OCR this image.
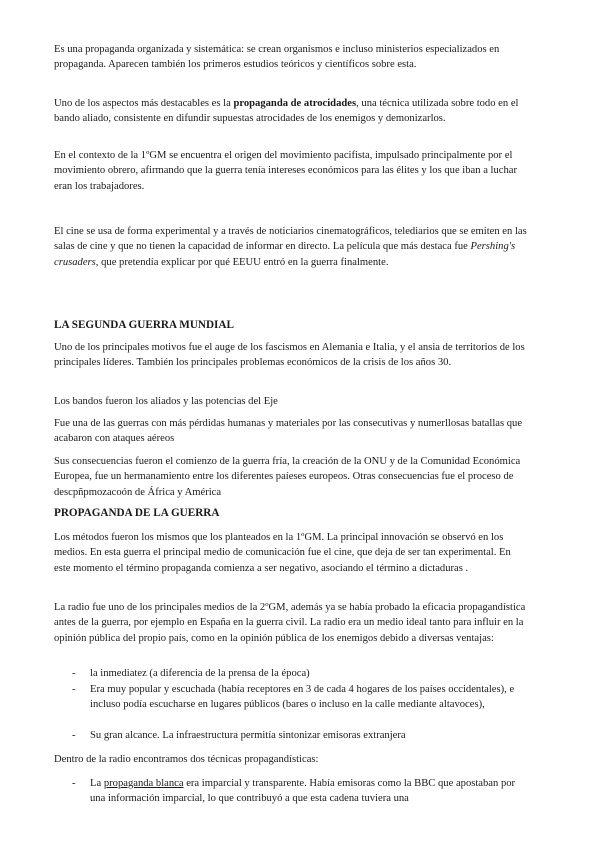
Es una propaganda organizada y sistemática: se crean organismos e incluso ministerios especializados en propaganda. Aparecen también los primeros estudios teóricos y científicos sobre esta.

Uno de los aspectos más destacables es la propaganda de atrocidades, una técnica utilizada sobre todo en el bando aliado, consistente en difundir supuestas atrocidades de los enemigos y demonizarlos.

En el contexto de la 1ºGM se encuentra el origen del movimiento pacifista, impulsado principalmente por el movimiento obrero, afirmando que la guerra tenía intereses económicos para las élites y los que iban a luchar eran los trabajadores.

El cine se usa de forma experimental y a través de noticiarios cinematográficos, telediarios que se emiten en las salas de cine y que no tienen la capacidad de informar en directo. La película que más destaca fue Pershing's crusaders, que pretendía explicar por qué EEUU entró en la guerra finalmente.

LA SEGUNDA GUERRA MUNDIAL

Uno de los principales motivos fue el auge de los fascismos en Alemania e Italia, y el ansia de territorios de los principales líderes. También los principales problemas económicos de la crisis de los años 30.

Los bandos fueron los aliados y las potencias del Eje

Fue una de las guerras con más pérdidas humanas y materiales por las consecutivas y numerllosas batallas que acabaron con ataques aéreos

Sus consecuencias fueron el comienzo de la guerra fría, la creación de la ONU y de la Comunidad Económica Europea, fue un hermanamiento entre los diferentes paíeses europeos. Otras consecuencias fue el proceso de descpñpmozacoón de África y América

PROPAGANDA DE LA GUERRA

Los métodos fueron los mismos que los planteados en la 1ºGM. La principal innovación se observó en los medios. En esta guerra el principal medio de comunicación fue el cine, que deja de ser tan experimental. En este momento el término propaganda comienza a ser negativo, asociando el término a dictaduras .

La radio fue uno de los principales medios de la 2ºGM, además ya se había probado la eficacia propagandística antes de la guerra, por ejemplo en España en la guerra civil. La radio era un medio ideal tanto para influir en la opinión pública del propio país, como en la opinión pública de los enemigos debido a diversas ventajas:

-	la inmediatez (a diferencia de la prensa de la época)
-	Era muy popular y escuchada (había receptores en 3 de cada 4 hogares de los países occidentales), e incluso podía escucharse en lugares públicos (bares o incluso en la calle mediante altavoces),
-	Su gran alcance. La infraestructura permitía sintonizar emisoras extranjera

Dentro de la radio encontramos dos técnicas propagandísticas:

-	La propaganda blanca era imparcial y transparente. Había emisoras como la BBC que apostaban por una información imparcial, lo que contribuyó a que esta cadena tuviera una
